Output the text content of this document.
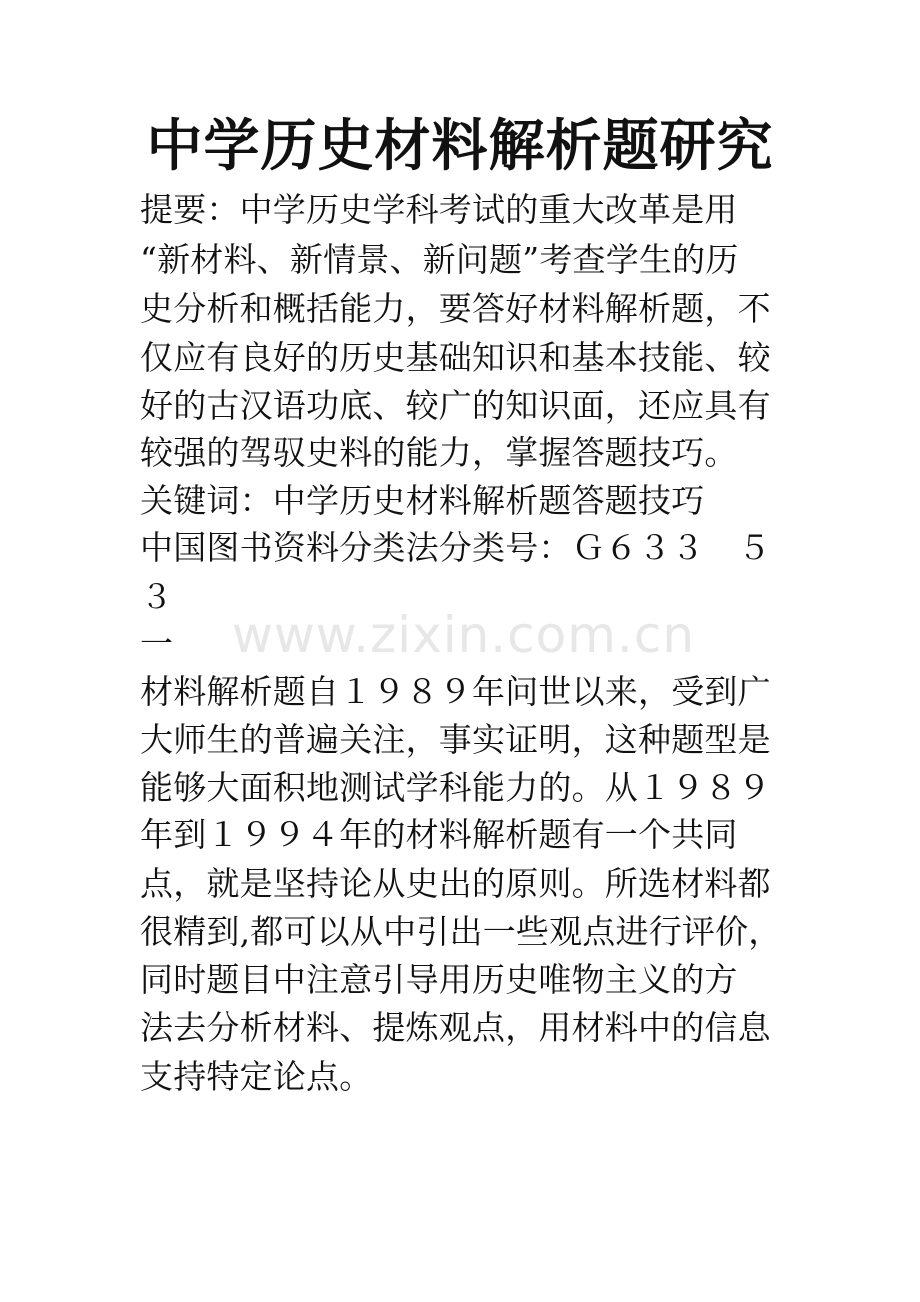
中学历史材料解析题研究
提要：中学历史学科考试的重大改革是用
“新材料、新情景、新问题”考查学生的历
史分析和概括能力，要答好材料解析题，不
仅应有良好的历史基础知识和基本技能、较
好的古汉语功底、较广的知识面，还应具有
较强的驾驭史料的能力，掌握答题技巧。
关键词：中学历史材料解析题答题技巧
中国图书资料分类法分类号：Ｇ６３３　５
３
一	www.zixin.com.cn
材料解析题自１９８９年问世以来，受到广
大师生的普遍关注，事实证明，这种题型是
能够大面积地测试学科能力的。从１９８９
年到１９９４年的材料解析题有一个共同
点，就是坚持论从史出的原则。所选材料都
很精到,都可以从中引出一些观点进行评价，
同时题目中注意引导用历史唯物主义的方
法去分析材料、提炼观点，用材料中的信息
支持特定论点。
